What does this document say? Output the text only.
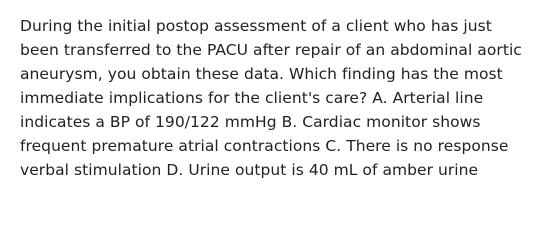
During the initial postop assessment of a client who has just
been transferred to the PACU after repair of an abdominal aortic
aneurysm, you obtain these data. Which finding has the most
immediate implications for the client's care? A. Arterial line
indicates a BP of 190/122 mmHg B. Cardiac monitor shows
frequent premature atrial contractions C. There is no response
verbal stimulation D. Urine output is 40 mL of amber urine
